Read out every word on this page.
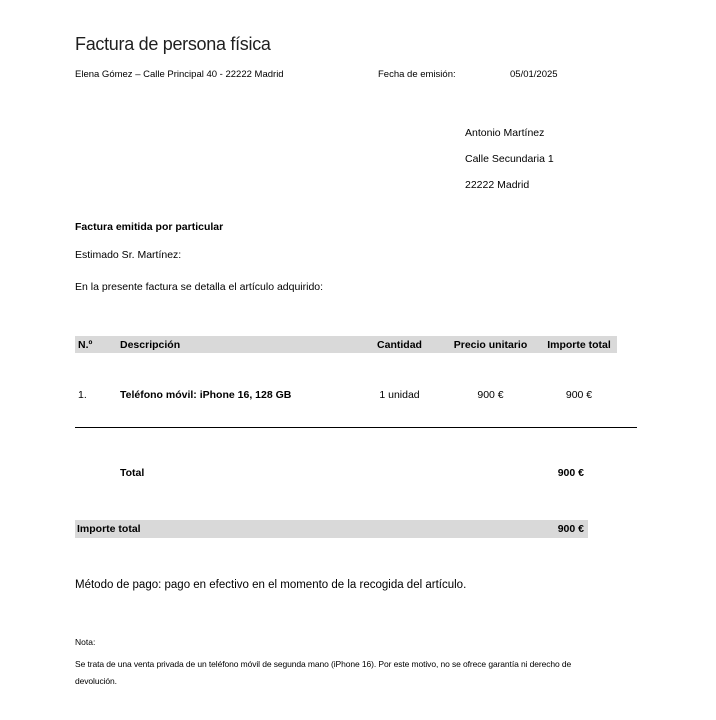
Factura de persona física
Elena Gómez – Calle Principal 40 - 22222 Madrid	Fecha de emisión:	05/01/2025
Antonio Martínez
Calle Secundaria 1
22222 Madrid
Factura emitida por particular
Estimado Sr. Martínez:
En la presente factura se detalla el artículo adquirido:
N.º	Descripción	Cantidad	Precio unitario	Importe total
1.	Teléfono móvil: iPhone 16, 128 GB	1 unidad	900 €	900 €
Total	900 €
Importe total	900 €
Método de pago: pago en efectivo en el momento de la recogida del artículo.
Nota:
Se trata de una venta privada de un teléfono móvil de segunda mano (iPhone 16). Por este motivo, no se ofrece garantía ni derecho de devolución.
